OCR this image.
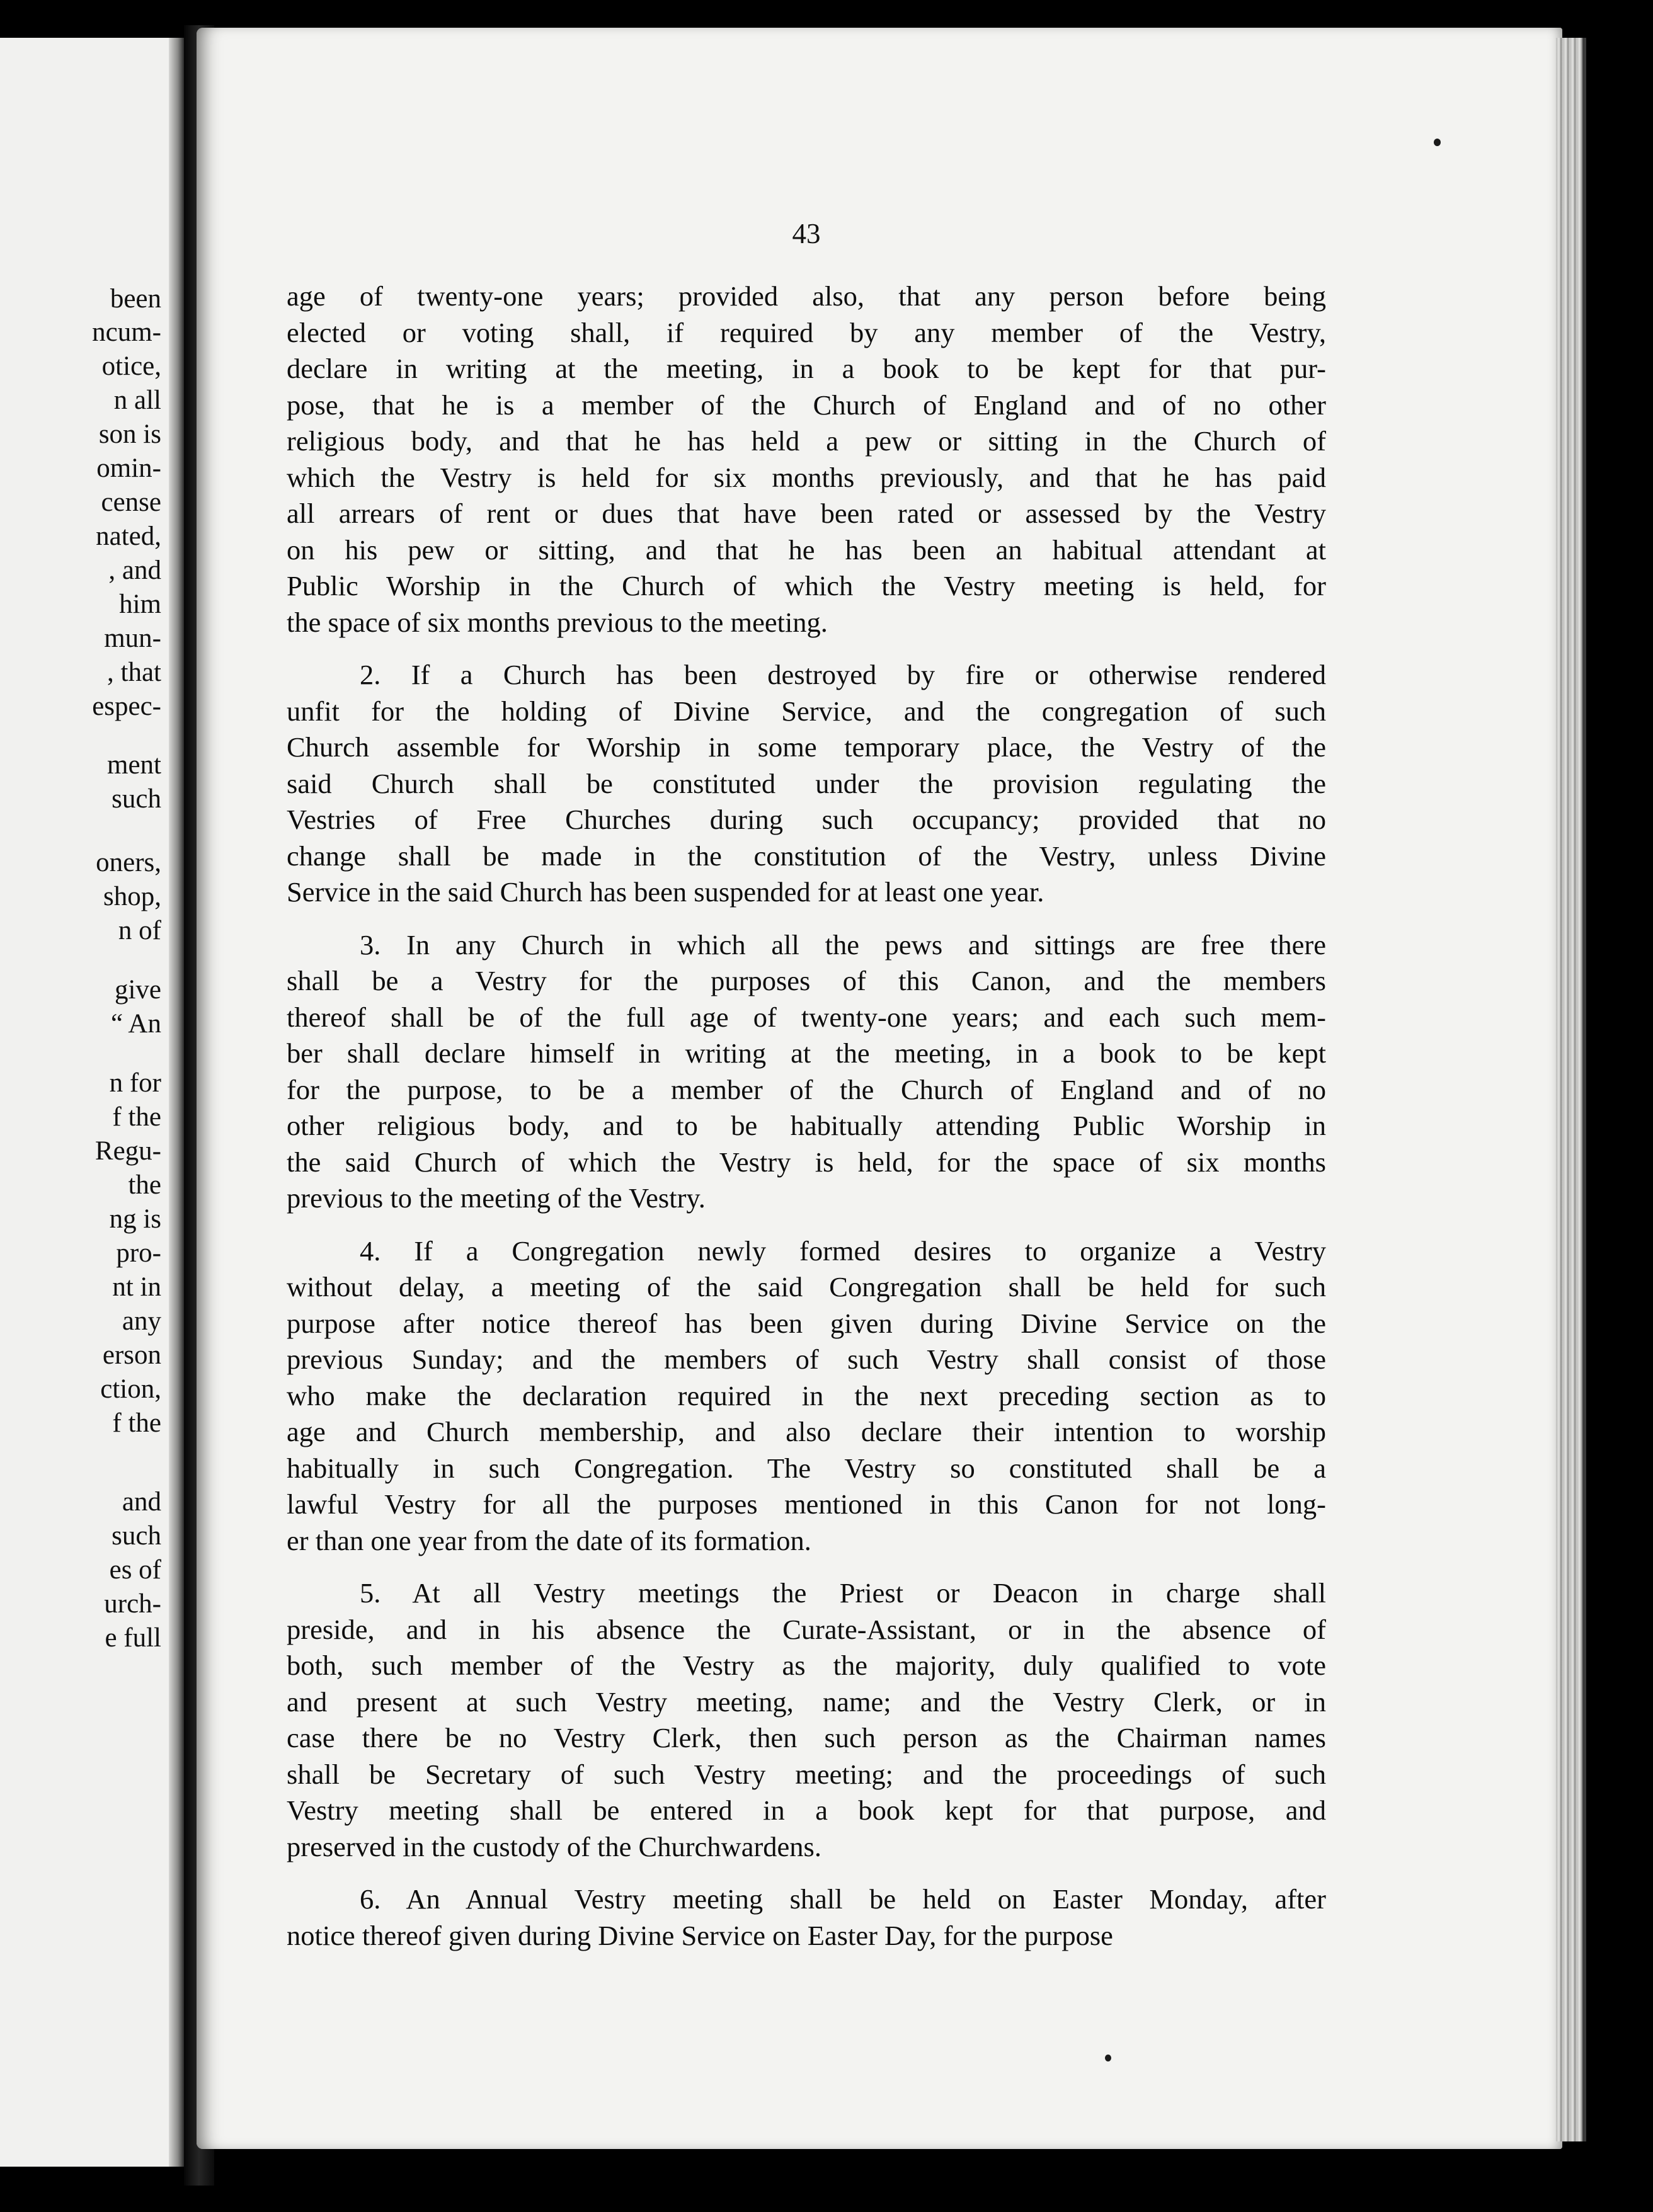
been
ncum-
otice,
n all
son is
omin-
cense
nated,
, and
him
mun-
, that
espec-
ment
such
oners,
shop,
n of
give
“ An
n for
f the
Regu-
the
ng is
pro-
nt in
any
erson
ction,
f the
and
such
es of
urch-
e full
43

age of twenty-one years; provided also, that any person before being
elected or voting shall, if required by any member of the Vestry,
declare in writing at the meeting, in a book to be kept for that pur-
pose, that he is a member of the Church of England and of no other
religious body, and that he has held a pew or sitting in the Church of
which the Vestry is held for six months previously, and that he has paid
all arrears of rent or dues that have been rated or assessed by the Vestry
on his pew or sitting, and that he has been an habitual attendant at
Public Worship in the Church of which the Vestry meeting is held, for
the space of six months previous to the meeting.

2. If a Church has been destroyed by fire or otherwise rendered
unfit for the holding of Divine Service, and the congregation of such
Church assemble for Worship in some temporary place, the Vestry of the
said Church shall be constituted under the provision regulating the
Vestries of Free Churches during such occupancy; provided that no
change shall be made in the constitution of the Vestry, unless Divine
Service in the said Church has been suspended for at least one year.

3. In any Church in which all the pews and sittings are free there
shall be a Vestry for the purposes of this Canon, and the members
thereof shall be of the full age of twenty-one years; and each such mem-
ber shall declare himself in writing at the meeting, in a book to be kept
for the purpose, to be a member of the Church of England and of no
other religious body, and to be habitually attending Public Worship in
the said Church of which the Vestry is held, for the space of six months
previous to the meeting of the Vestry.

4. If a Congregation newly formed desires to organize a Vestry
without delay, a meeting of the said Congregation shall be held for such
purpose after notice thereof has been given during Divine Service on the
previous Sunday; and the members of such Vestry shall consist of those
who make the declaration required in the next preceding section as to
age and Church membership, and also declare their intention to worship
habitually in such Congregation. The Vestry so constituted shall be a
lawful Vestry for all the purposes mentioned in this Canon for not long-
er than one year from the date of its formation.

5. At all Vestry meetings the Priest or Deacon in charge shall
preside, and in his absence the Curate-Assistant, or in the absence of
both, such member of the Vestry as the majority, duly qualified to vote
and present at such Vestry meeting, name; and the Vestry Clerk, or in
case there be no Vestry Clerk, then such person as the Chairman names
shall be Secretary of such Vestry meeting; and the proceedings of such
Vestry meeting shall be entered in a book kept for that purpose, and
preserved in the custody of the Churchwardens.

6. An Annual Vestry meeting shall be held on Easter Monday, after
notice thereof given during Divine Service on Easter Day, for the purpose
